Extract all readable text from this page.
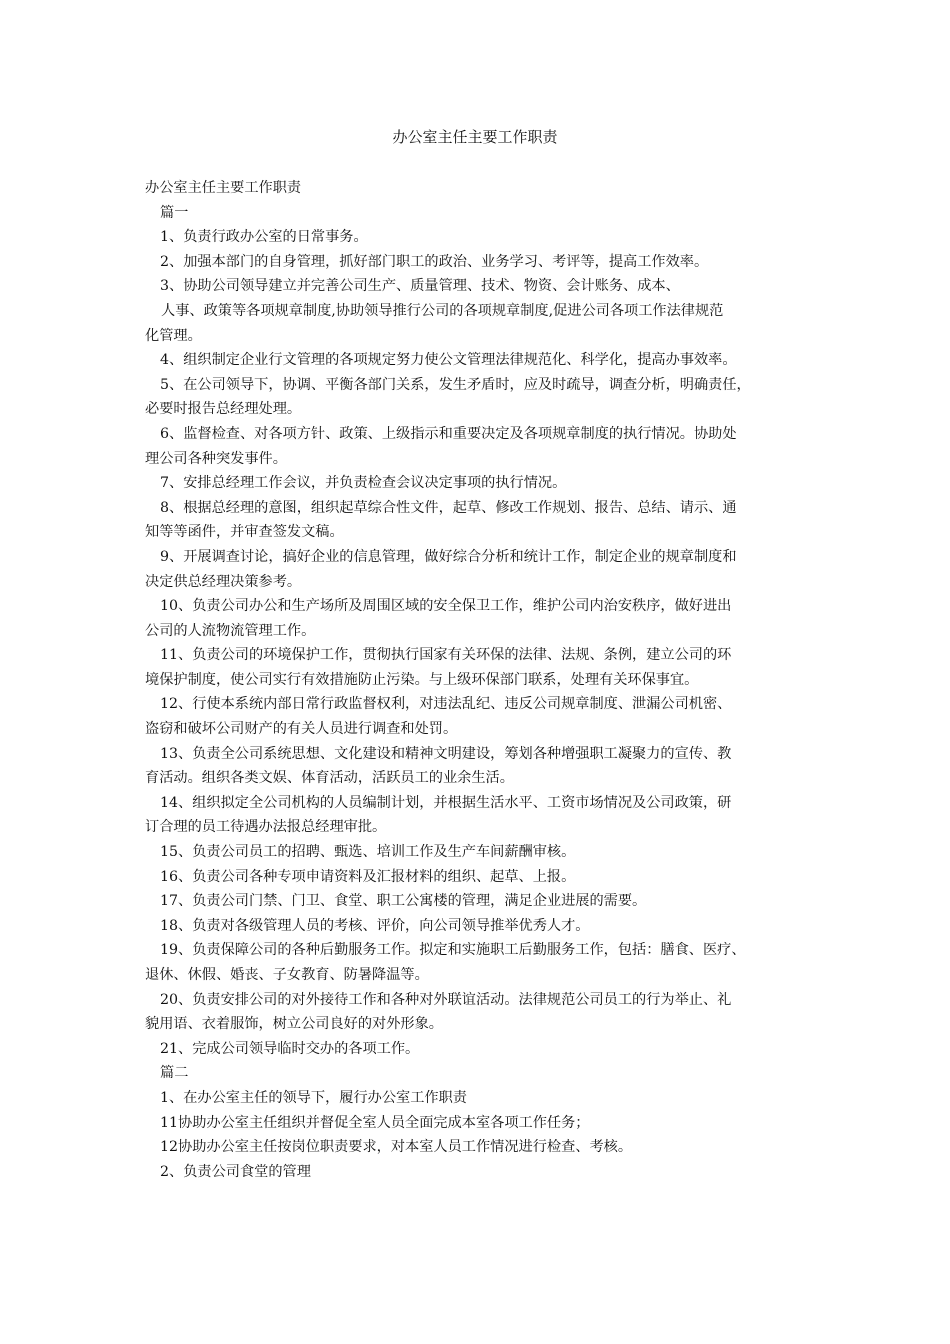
办公室主任主要工作职责

办公室主任主要工作职责

篇一

1、负责行政办公室的日常事务。

2、加强本部门的自身管理，抓好部门职工的政治、业务学习、考评等，提高工作效率。

3、协助公司领导建立并完善公司生产、质量管理、技术、物资、会计账务、成本、

人事、政策等各项规章制度,协助领导推行公司的各项规章制度,促进公司各项工作法律规范

化管理。

4、组织制定企业行文管理的各项规定努力使公文管理法律规范化、科学化，提高办事效率。

5、在公司领导下，协调、平衡各部门关系，发生矛盾时，应及时疏导，调查分析，明确责任，

必要时报告总经理处理。

6、监督检查、对各项方针、政策、上级指示和重要决定及各项规章制度的执行情况。协助处

理公司各种突发事件。

7、安排总经理工作会议，并负责检查会议决定事项的执行情况。

8、根据总经理的意图，组织起草综合性文件，起草、修改工作规划、报告、总结、请示、通

知等等函件，并审查签发文稿。

9、开展调查讨论，搞好企业的信息管理，做好综合分析和统计工作，制定企业的规章制度和

决定供总经理决策参考。

10、负责公司办公和生产场所及周围区域的安全保卫工作，维护公司内治安秩序，做好进出

公司的人流物流管理工作。

11、负责公司的环境保护工作，贯彻执行国家有关环保的法律、法规、条例，建立公司的环

境保护制度，使公司实行有效措施防止污染。与上级环保部门联系，处理有关环保事宜。

12、行使本系统内部日常行政监督权利，对违法乱纪、违反公司规章制度、泄漏公司机密、

盗窃和破坏公司财产的有关人员进行调查和处罚。

13、负责全公司系统思想、文化建设和精神文明建设，筹划各种增强职工凝聚力的宣传、教

育活动。组织各类文娱、体育活动，活跃员工的业余生活。

14、组织拟定全公司机构的人员编制计划，并根据生活水平、工资市场情况及公司政策，研

订合理的员工待遇办法报总经理审批。

15、负责公司员工的招聘、甄选、培训工作及生产车间薪酬审核。

16、负责公司各种专项申请资料及汇报材料的组织、起草、上报。

17、负责公司门禁、门卫、食堂、职工公寓楼的管理，满足企业进展的需要。

18、负责对各级管理人员的考核、评价，向公司领导推举优秀人才。

19、负责保障公司的各种后勤服务工作。拟定和实施职工后勤服务工作，包括：膳食、医疗、

退休、休假、婚丧、子女教育、防暑降温等。

20、负责安排公司的对外接待工作和各种对外联谊活动。法律规范公司员工的行为举止、礼

貌用语、衣着服饰，树立公司良好的对外形象。

21、完成公司领导临时交办的各项工作。

篇二

1、在办公室主任的领导下，履行办公室工作职责

11协助办公室主任组织并督促全室人员全面完成本室各项工作任务；

12协助办公室主任按岗位职责要求，对本室人员工作情况进行检查、考核。

2、负责公司食堂的管理
